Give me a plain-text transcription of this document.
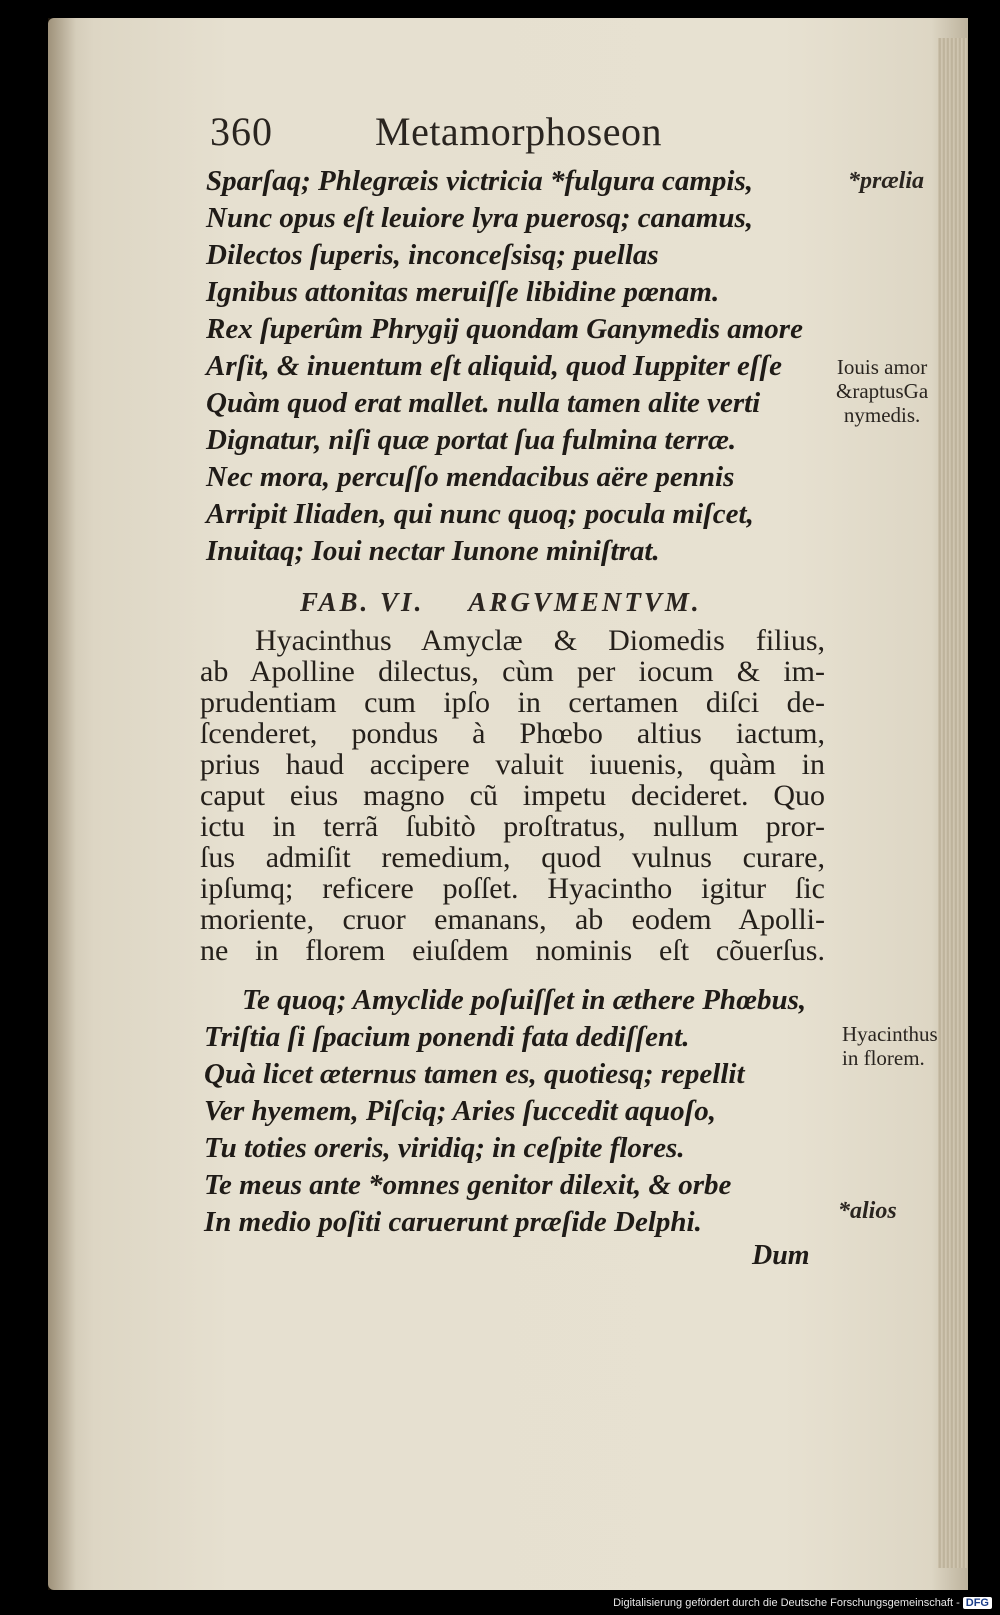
360	Metamorphoseon
Sparſaq; Phlegræis victricia *fulgura campis,
Nunc opus eſt leuiore lyra puerosq; canamus,
Dilectos ſuperis, inconceſsisq; puellas
Ignibus attonitas meruiſſe libidine pœnam.
Rex ſuperûm Phrygij quondam Ganymedis amore
Arſit, & inuentum eſt aliquid, quod Iuppiter eſſe
Quàm quod erat mallet. nulla tamen alite verti
Dignatur, niſi quæ portat ſua fulmina terræ.
Nec mora, percuſſo mendacibus aëre pennis
Arripit Iliaden, qui nunc quoq; pocula miſcet,
Inuitaq; Ioui nectar Iunone miniſtrat.
FAB. VI. ARGVMENTVM.
Hyacinthus Amyclæ & Diomedis filius,
ab Apolline dilectus, cùm per iocum & im-
prudentiam cum ipſo in certamen diſci de-
ſcenderet, pondus à Phœbo altius iactum,
prius haud accipere valuit iuuenis, quàm in
caput eius magno cũ impetu decideret. Quo
ictu in terrã ſubitò proſtratus, nullum pror-
ſus admiſit remedium, quod vulnus curare,
ipſumq; reficere poſſet. Hyacintho igitur ſic
moriente, cruor emanans, ab eodem Apolli-
ne in florem eiuſdem nominis eſt cõuerſus.
Te quoq; Amyclide poſuiſſet in æthere Phœbus,
Triſtia ſi ſpacium ponendi fata dediſſent.
Quà licet æternus tamen es, quotiesq; repellit
Ver hyemem, Piſciq; Aries ſuccedit aquoſo,
Tu toties oreris, viridiq; in ceſpite flores.
Te meus ante *omnes genitor dilexit, & orbe
In medio poſiti caruerunt præſide Delphi.
*prælia
Iouis amor
&raptusGa
nymedis.
Hyacinthus
in florem.
*alios
Dum
Digitalisierung gefördert durch die Deutsche Forschungsgemeinschaft - DFG
